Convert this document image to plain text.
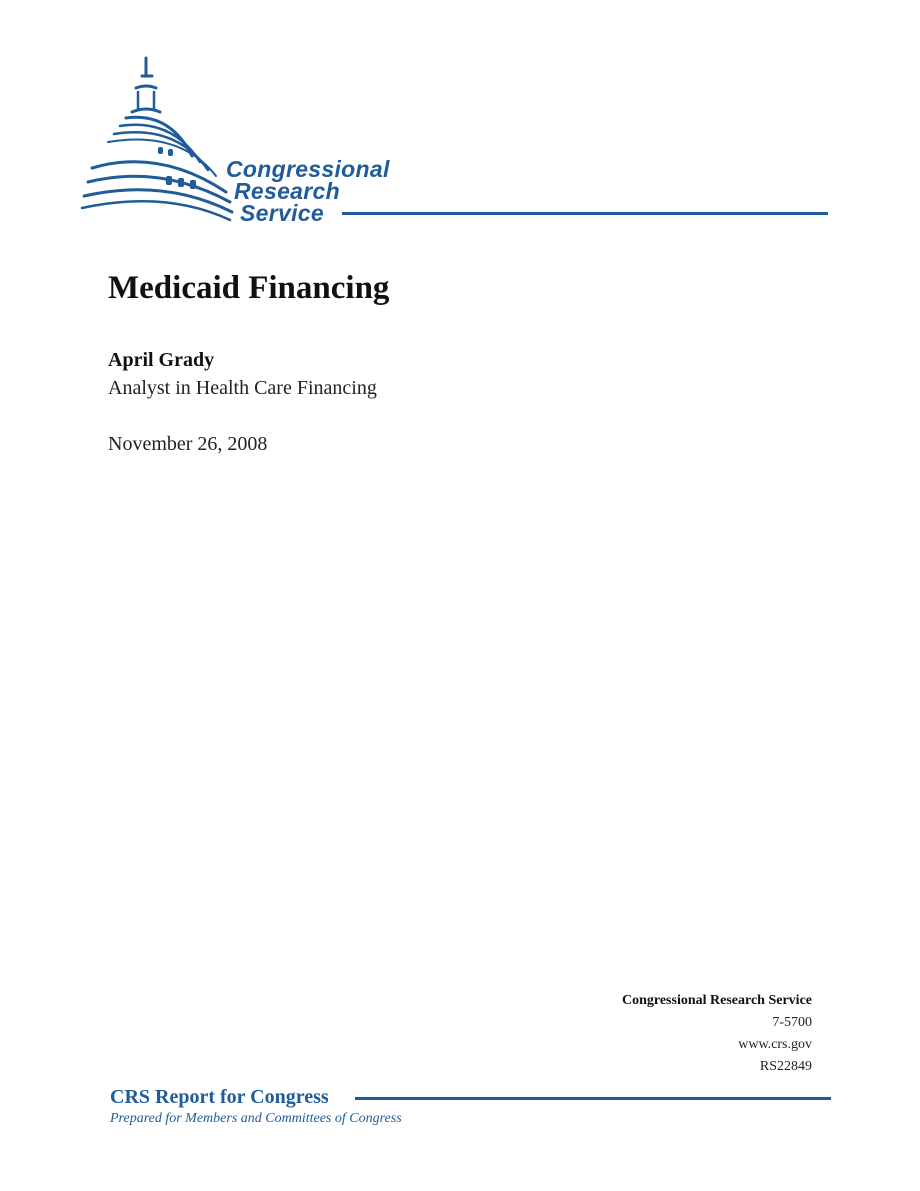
Congressional
Research
Service
Medicaid Financing
April Grady
Analyst in Health Care Financing
November 26, 2008
Congressional Research Service
7-5700
www.crs.gov
RS22849
CRS Report for Congress
Prepared for Members and Committees of Congress
